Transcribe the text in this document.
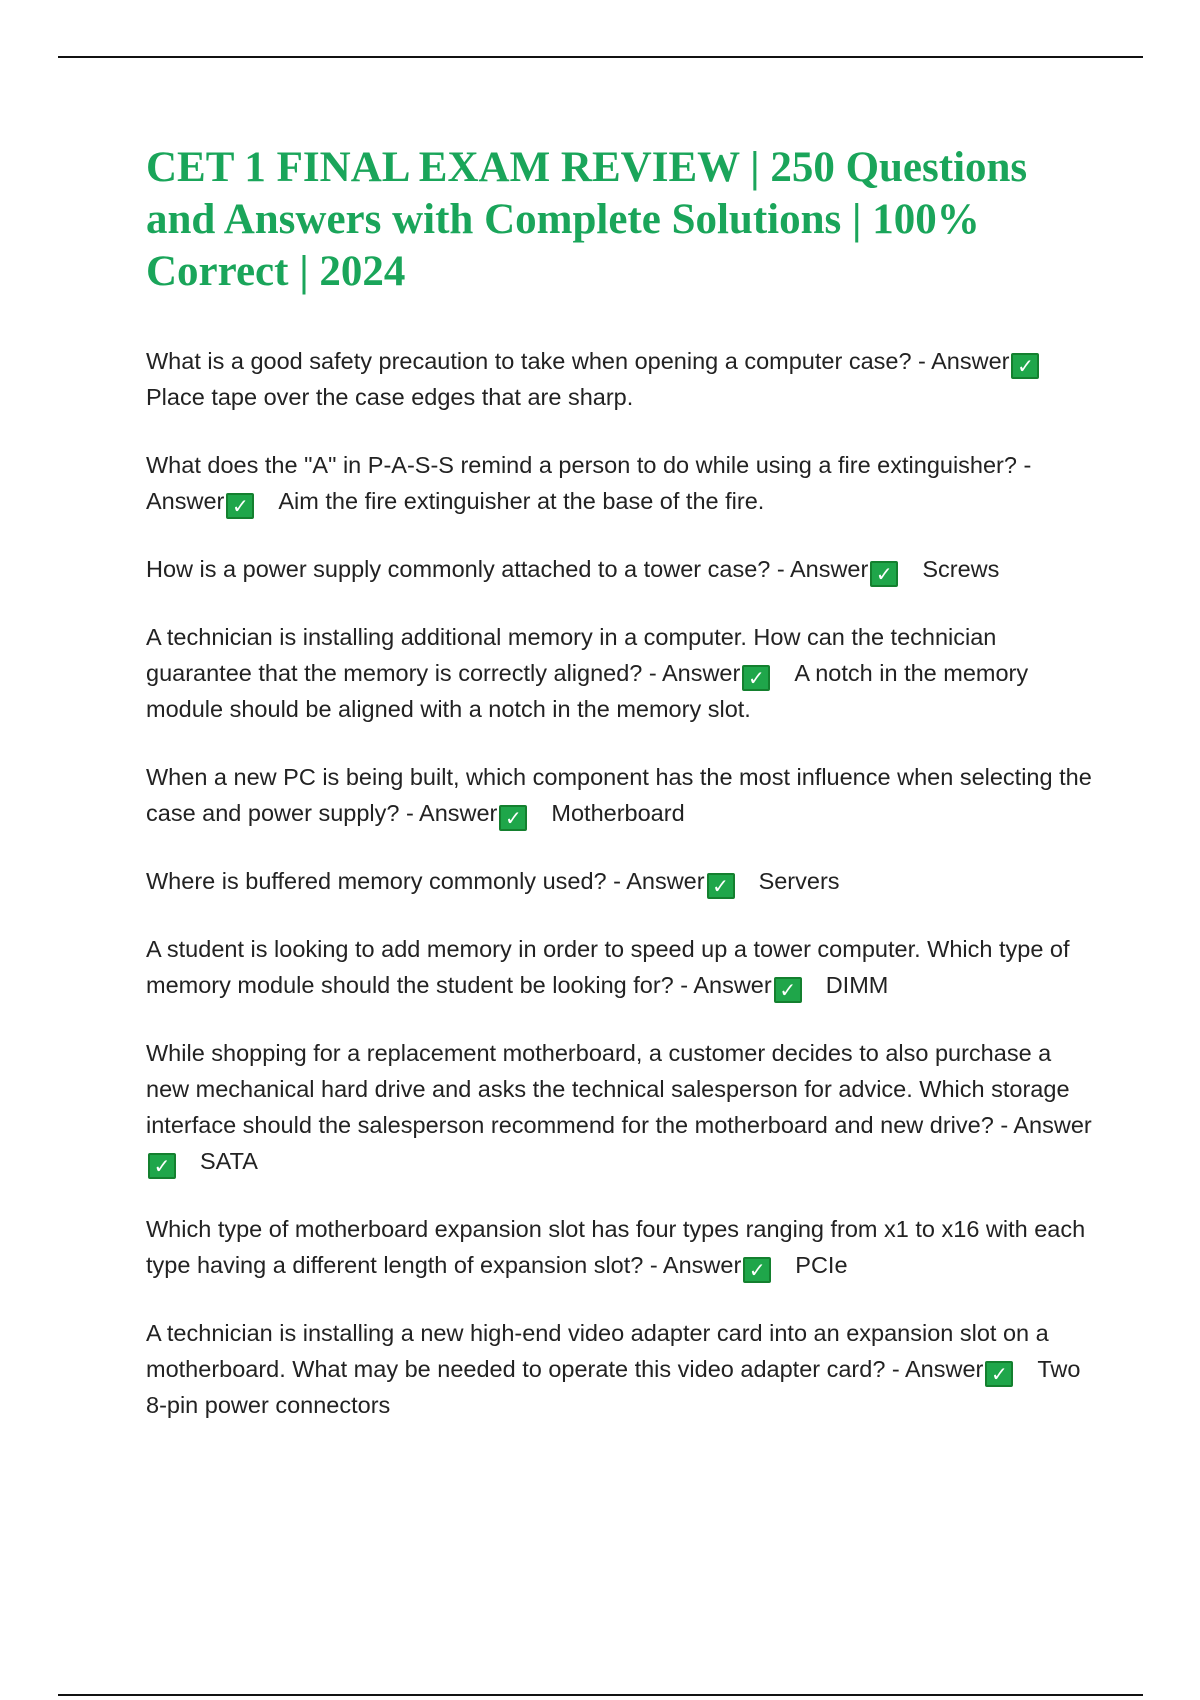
CET 1 FINAL EXAM REVIEW | 250 Questions and Answers with Complete Solutions | 100% Correct | 2024

What is a good safety precaution to take when opening a computer case? - Answer ✓Place tape over the case edges that are sharp.

What does the "A" in P-A-S-S remind a person to do while using a fire extinguisher? - Answer ✓ Aim the fire extinguisher at the base of the fire.

How is a power supply commonly attached to a tower case? - Answer ✓ Screws

A technician is installing additional memory in a computer. How can the technician guarantee that the memory is correctly aligned? - Answer ✓ A notch in the memory module should be aligned with a notch in the memory slot.

When a new PC is being built, which component has the most influence when selecting the case and power supply? - Answer ✓ Motherboard

Where is buffered memory commonly used? - Answer ✓ Servers

A student is looking to add memory in order to speed up a tower computer. Which type of memory module should the student be looking for? - Answer ✓ DIMM

While shopping for a replacement motherboard, a customer decides to also purchase a new mechanical hard drive and asks the technical salesperson for advice. Which storage interface should the salesperson recommend for the motherboard and new drive? - Answer✓ SATA

Which type of motherboard expansion slot has four types ranging from x1 to x16 with each type having a different length of expansion slot? - Answer ✓ PCIe

A technician is installing a new high-end video adapter card into an expansion slot on a motherboard. What may be needed to operate this video adapter card? - Answer ✓ Two 8-pin power connectors
